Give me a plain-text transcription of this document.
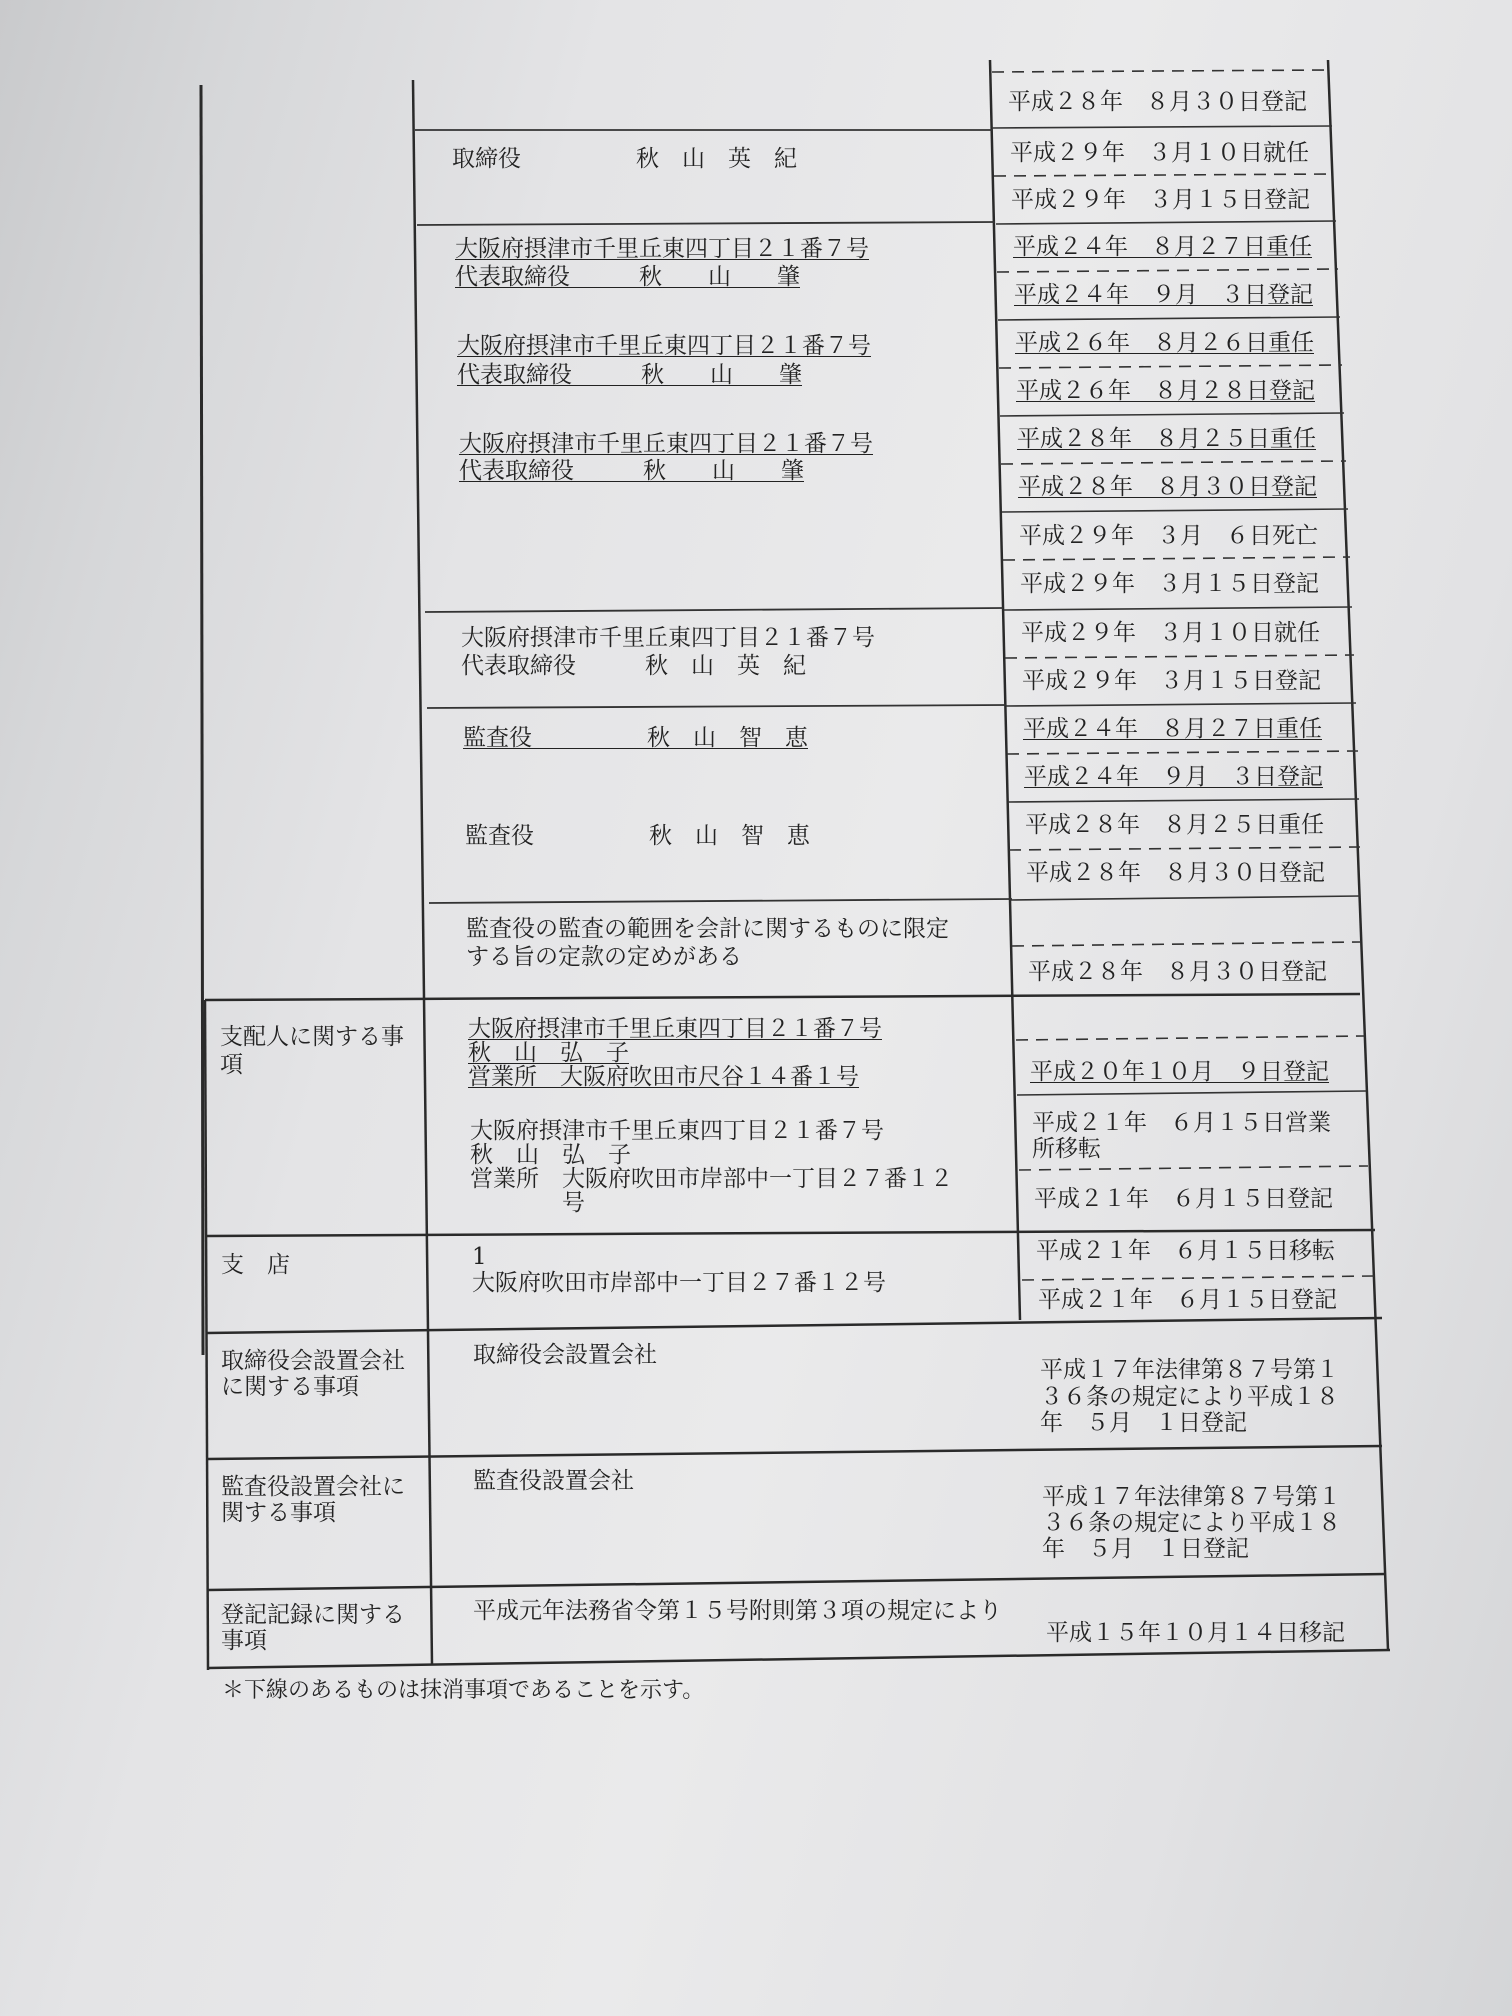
取締役　　　　　秋　山　英　紀
大阪府摂津市千里丘東四丁目２１番７号
代表取締役　　　秋　　山　　肇
大阪府摂津市千里丘東四丁目２１番７号
代表取締役　　　秋　　山　　肇
大阪府摂津市千里丘東四丁目２１番７号
代表取締役　　　秋　　山　　肇
大阪府摂津市千里丘東四丁目２１番７号
代表取締役　　　秋　山　英　紀
監査役　　　　　秋　山　智　恵
監査役　　　　　秋　山　智　恵
監査役の監査の範囲を会計に関するものに限定
する旨の定款の定めがある
平成２８年　８月３０日登記
平成２９年　３月１０日就任
平成２９年　３月１５日登記
平成２４年　８月２７日重任
平成２４年　９月　３日登記
平成２６年　８月２６日重任
平成２６年　８月２８日登記
平成２８年　８月２５日重任
平成２８年　８月３０日登記
平成２９年　３月　６日死亡
平成２９年　３月１５日登記
平成２９年　３月１０日就任
平成２９年　３月１５日登記
平成２４年　８月２７日重任
平成２４年　９月　３日登記
平成２８年　８月２５日重任
平成２８年　８月３０日登記
平成２８年　８月３０日登記
支配人に関する事
項
大阪府摂津市千里丘東四丁目２１番７号
秋　山　弘　子
営業所　大阪府吹田市尺谷１４番１号
大阪府摂津市千里丘東四丁目２１番７号
秋　山　弘　子
営業所　大阪府吹田市岸部中一丁目２７番１２
　　　　号
平成２０年１０月　９日登記
平成２１年　６月１５日営業
所移転
平成２１年　６月１５日登記
支　店	1
大阪府吹田市岸部中一丁目２７番１２号
平成２１年　６月１５日移転
平成２１年　６月１５日登記
取締役会設置会社
に関する事項
取締役会設置会社
平成１７年法律第８７号第１
３６条の規定により平成１８
年　５月　１日登記
監査役設置会社に
関する事項
監査役設置会社
平成１７年法律第８７号第１
３６条の規定により平成１８
年　５月　１日登記
登記記録に関する
事項
平成元年法務省令第１５号附則第３項の規定により
平成１５年１０月１４日移記
＊下線のあるものは抹消事項であることを示す。
